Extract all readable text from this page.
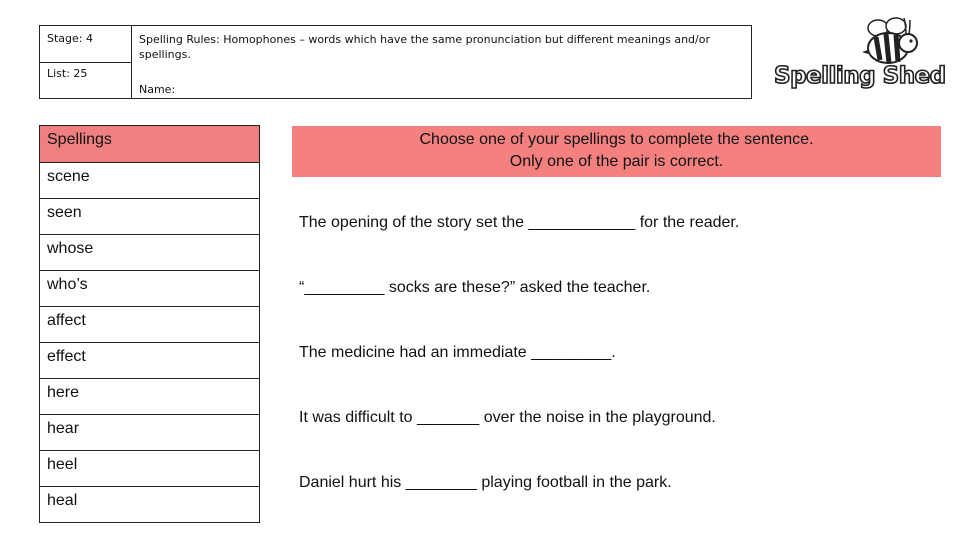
Stage: 4
List: 25
Spelling Rules: Homophones – words which have the same pronunciation but different meanings and/or spellings.
Name:
Spelling Shed
Spellings
scene
seen
whose
who’s
affect
effect
here
hear
heel
heal
Choose one of your spellings to complete the sentence.
Only one of the pair is correct.
The opening of the story set the ____________ for the reader.
“_________ socks are these?” asked the teacher.
The medicine had an immediate _________.
It was difficult to _______ over the noise in the playground.
Daniel hurt his ________ playing football in the park.
